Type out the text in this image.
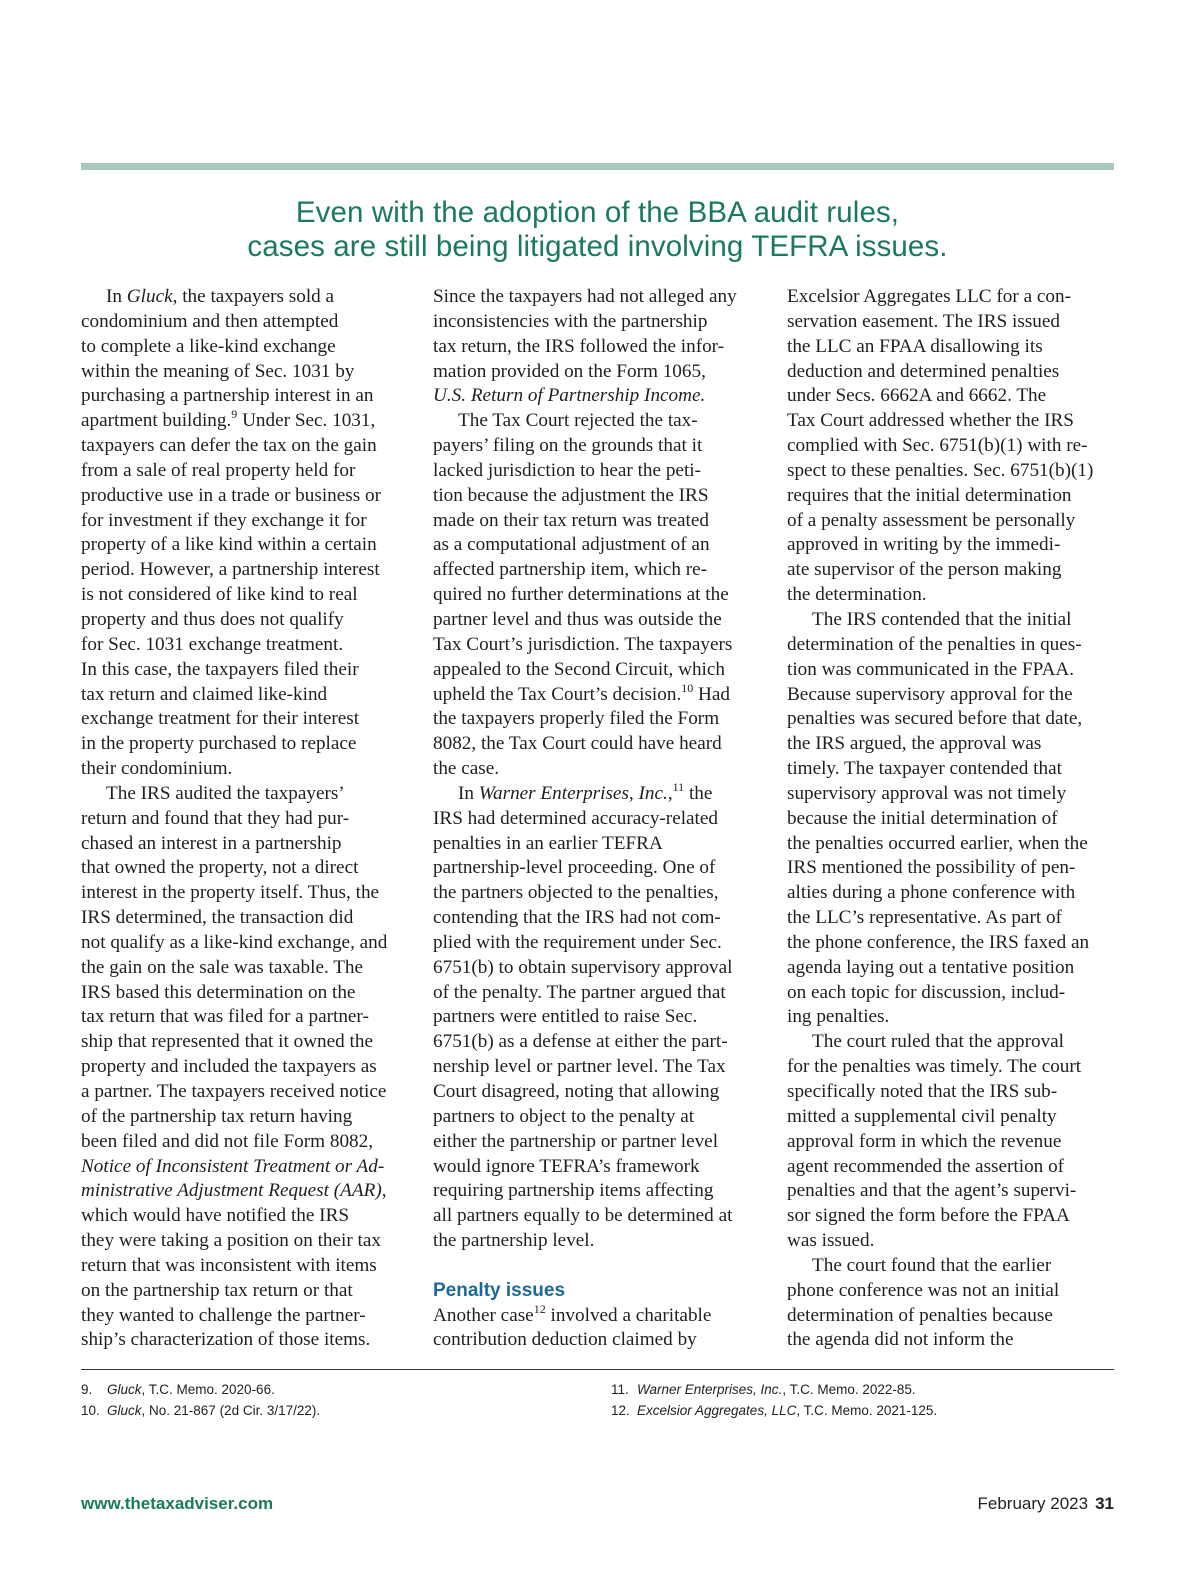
Even with the adoption of the BBA audit rules,
cases are still being litigated involving TEFRA issues.
In Gluck, the taxpayers sold a
condominium and then attempted
to complete a like-kind exchange
within the meaning of Sec. 1031 by
purchasing a partnership interest in an
apartment building.$^9$ Under Sec. 1031,
taxpayers can defer the tax on the gain
from a sale of real property held for
productive use in a trade or business or
for investment if they exchange it for
property of a like kind within a certain
period. However, a partnership interest
is not considered of like kind to real
property and thus does not qualify
for Sec. 1031 exchange treatment.
In this case, the taxpayers filed their
tax return and claimed like-kind
exchange treatment for their interest
in the property purchased to replace
their condominium.
The IRS audited the taxpayers’
return and found that they had pur-
chased an interest in a partnership
that owned the property, not a direct
interest in the property itself. Thus, the
IRS determined, the transaction did
not qualify as a like-kind exchange, and
the gain on the sale was taxable. The
IRS based this determination on the
tax return that was filed for a partner-
ship that represented that it owned the
property and included the taxpayers as
a partner. The taxpayers received notice
of the partnership tax return having
been filed and did not file Form 8082,
Notice of Inconsistent Treatment or Ad-
ministrative Adjustment Request (AAR),
which would have notified the IRS
they were taking a position on their tax
return that was inconsistent with items
on the partnership tax return or that
they wanted to challenge the partner-
ship’s characterization of those items.
Since the taxpayers had not alleged any
inconsistencies with the partnership
tax return, the IRS followed the infor-
mation provided on the Form 1065,
U.S. Return of Partnership Income.
The Tax Court rejected the tax-
payers’ filing on the grounds that it
lacked jurisdiction to hear the peti-
tion because the adjustment the IRS
made on their tax return was treated
as a computational adjustment of an
affected partnership item, which re-
quired no further determinations at the
partner level and thus was outside the
Tax Court’s jurisdiction. The taxpayers
appealed to the Second Circuit, which
upheld the Tax Court’s decision.$^{10}$ Had
the taxpayers properly filed the Form
8082, the Tax Court could have heard
the case.
In Warner Enterprises, Inc.,$^{11}$ the
IRS had determined accuracy-related
penalties in an earlier TEFRA
partnership-level proceeding. One of
the partners objected to the penalties,
contending that the IRS had not com-
plied with the requirement under Sec.
6751(b) to obtain supervisory approval
of the penalty. The partner argued that
partners were entitled to raise Sec.
6751(b) as a defense at either the part-
nership level or partner level. The Tax
Court disagreed, noting that allowing
partners to object to the penalty at
either the partnership or partner level
would ignore TEFRA’s framework
requiring partnership items affecting
all partners equally to be determined at
the partnership level.
Penalty issues
Another case$^{12}$ involved a charitable
contribution deduction claimed by
Excelsior Aggregates LLC for a con-
servation easement. The IRS issued
the LLC an FPAA disallowing its
deduction and determined penalties
under Secs. 6662A and 6662. The
Tax Court addressed whether the IRS
complied with Sec. 6751(b)(1) with re-
spect to these penalties. Sec. 6751(b)(1)
requires that the initial determination
of a penalty assessment be personally
approved in writing by the immedi-
ate supervisor of the person making
the determination.
The IRS contended that the initial
determination of the penalties in ques-
tion was communicated in the FPAA.
Because supervisory approval for the
penalties was secured before that date,
the IRS argued, the approval was
timely. The taxpayer contended that
supervisory approval was not timely
because the initial determination of
the penalties occurred earlier, when the
IRS mentioned the possibility of pen-
alties during a phone conference with
the LLC’s representative. As part of
the phone conference, the IRS faxed an
agenda laying out a tentative position
on each topic for discussion, includ-
ing penalties.
The court ruled that the approval
for the penalties was timely. The court
specifically noted that the IRS sub-
mitted a supplemental civil penalty
approval form in which the revenue
agent recommended the assertion of
penalties and that the agent’s supervi-
sor signed the form before the FPAA
was issued.
The court found that the earlier
phone conference was not an initial
determination of penalties because
the agenda did not inform the
9. Gluck, T.C. Memo. 2020-66.
10. Gluck, No. 21-867 (2d Cir. 3/17/22).
11. Warner Enterprises, Inc., T.C. Memo. 2022-85.
12. Excelsior Aggregates, LLC, T.C. Memo. 2021-125.
www.thetaxadviser.com	February 2023 31
